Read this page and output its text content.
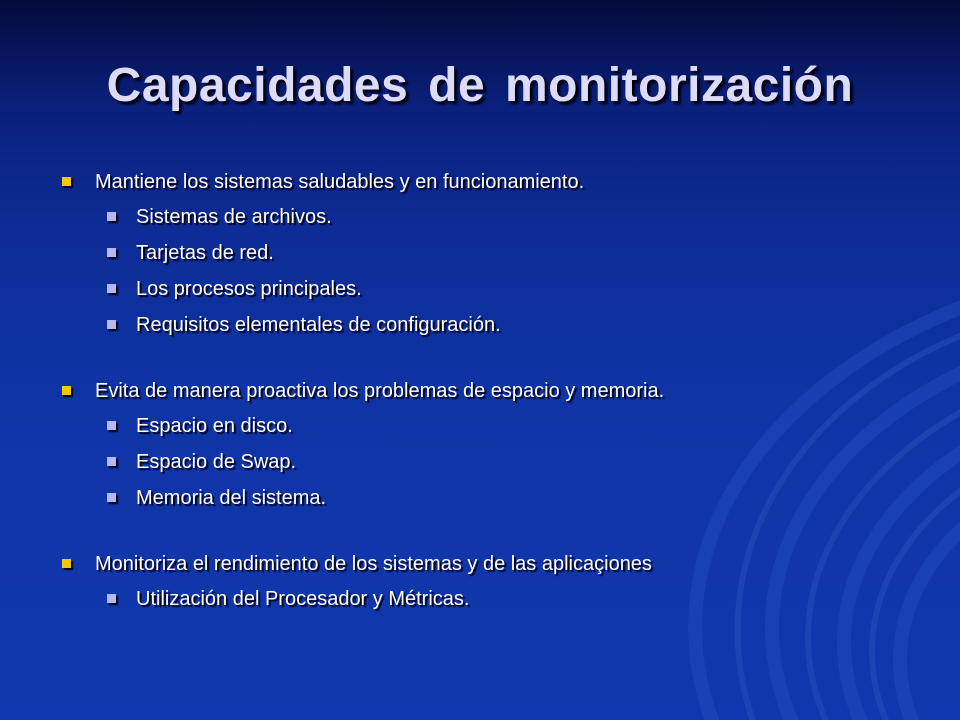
Capacidades de monitorización
Mantiene los sistemas saludables y en funcionamiento.
Sistemas de archivos.
Tarjetas de red.
Los procesos principales.
Requisitos elementales de configuración.
Evita de manera proactiva los problemas de espacio y memoria.
Espacio en disco.
Espacio de Swap.
Memoria del sistema.
Monitoriza el rendimiento de los sistemas y de las aplicaçiones
Utilización del Procesador y Métricas.
